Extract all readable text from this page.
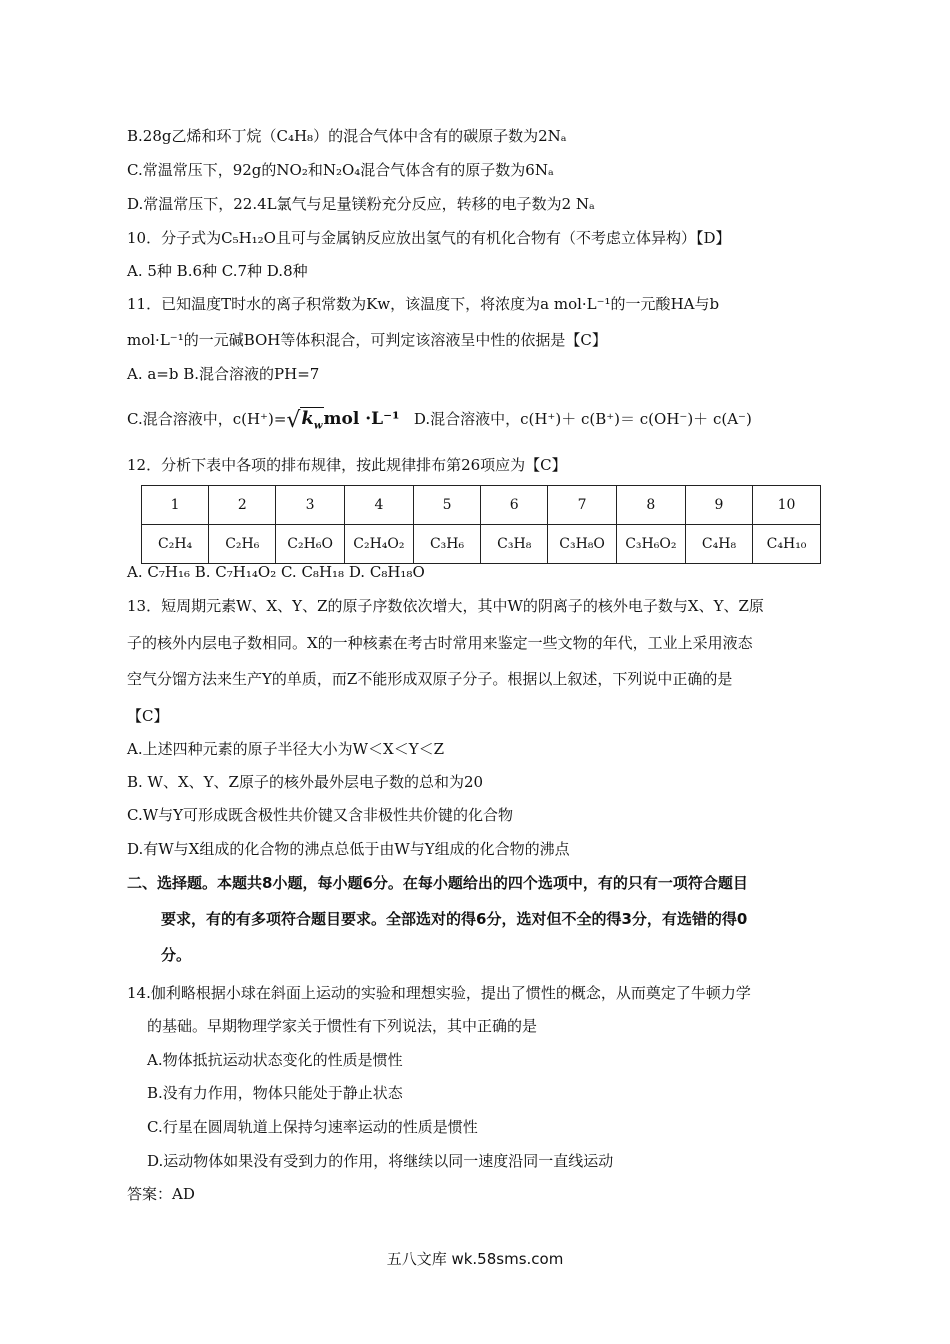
B.28g乙烯和环丁烷（C₄H₈）的混合气体中含有的碳原子数为2Nₐ
C.常温常压下，92g的NO₂和N₂O₄混合气体含有的原子数为6Nₐ
D.常温常压下，22.4L氯气与足量镁粉充分反应，转移的电子数为2 Nₐ
10．分子式为C₅H₁₂O且可与金属钠反应放出氢气的有机化合物有（不考虑立体异构）【D】
A. 5种 B.6种 C.7种 D.8种
11．已知温度T时水的离子积常数为Kw，该温度下，将浓度为a mol·L⁻¹的一元酸HA与b
mol·L⁻¹的一元碱BOH等体积混合，可判定该溶液呈中性的依据是【C】
A. a=b B.混合溶液的PH=7
C.混合溶液中，$c(H^+)=√k_wmol \cdot L^{-1}$ D.混合溶液中，c(H⁺)＋ c(B⁺)＝ c(OH⁻)＋ c(A⁻)
12．分析下表中各项的排布规律，按此规律排布第26项应为【C】
1	2	3	4	5	6	7	8	9	10
C₂H₄	C₂H₆	C₂H₆O	C₂H₄O₂	C₃H₆	C₃H₈	C₃H₈O	C₃H₆O₂	C₄H₈	C₄H₁₀
A. C₇H₁₆ B. C₇H₁₄O₂ C. C₈H₁₈ D. C₈H₁₈O
13．短周期元素W、X、Y、Z的原子序数依次增大，其中W的阴离子的核外电子数与X、Y、Z原
子的核外内层电子数相同。X的一种核素在考古时常用来鉴定一些文物的年代，工业上采用液态
空气分馏方法来生产Y的单质，而Z不能形成双原子分子。根据以上叙述，下列说中正确的是
【C】
A.上述四种元素的原子半径大小为W＜X＜Y＜Z
B. W、X、Y、Z原子的核外最外层电子数的总和为20
C.W与Y可形成既含极性共价键又含非极性共价键的化合物
D.有W与X组成的化合物的沸点总低于由W与Y组成的化合物的沸点
二、选择题。本题共8小题，每小题6分。在每小题给出的四个选项中，有的只有一项符合题目
要求，有的有多项符合题目要求。全部选对的得6分，选对但不全的得3分，有选错的得0
分。
14.伽利略根据小球在斜面上运动的实验和理想实验，提出了惯性的概念，从而奠定了牛顿力学
的基础。早期物理学家关于惯性有下列说法，其中正确的是
A.物体抵抗运动状态变化的性质是惯性
B.没有力作用，物体只能处于静止状态
C.行星在圆周轨道上保持匀速率运动的性质是惯性
D.运动物体如果没有受到力的作用，将继续以同一速度沿同一直线运动
答案：AD
五八文库 wk.58sms.com
